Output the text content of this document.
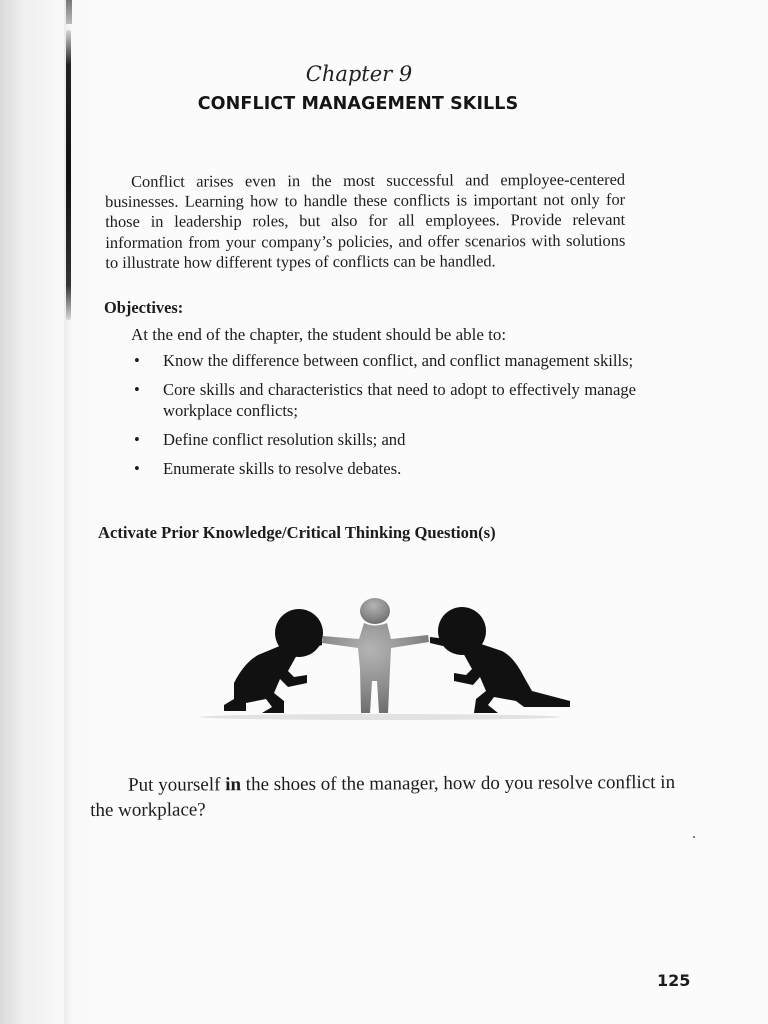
Chapter 9
CONFLICT MANAGEMENT SKILLS

Conflict arises even in the most successful and employee-centered businesses. Learning how to handle these conflicts is important not only for those in leadership roles, but also for all employees. Provide relevant information from your company’s policies, and offer scenarios with solutions to illustrate how different types of conflicts can be handled.

Objectives:
At the end of the chapter, the student should be able to:
• Know the difference between conflict, and conflict management skills;
• Core skills and characteristics that need to adopt to effectively manage workplace conflicts;
• Define conflict resolution skills; and
• Enumerate skills to resolve debates.
Activate Prior Knowledge/Critical Thinking Question(s)
Put yourself in the shoes of the manager, how do you resolve conflict in the workplace?
125
